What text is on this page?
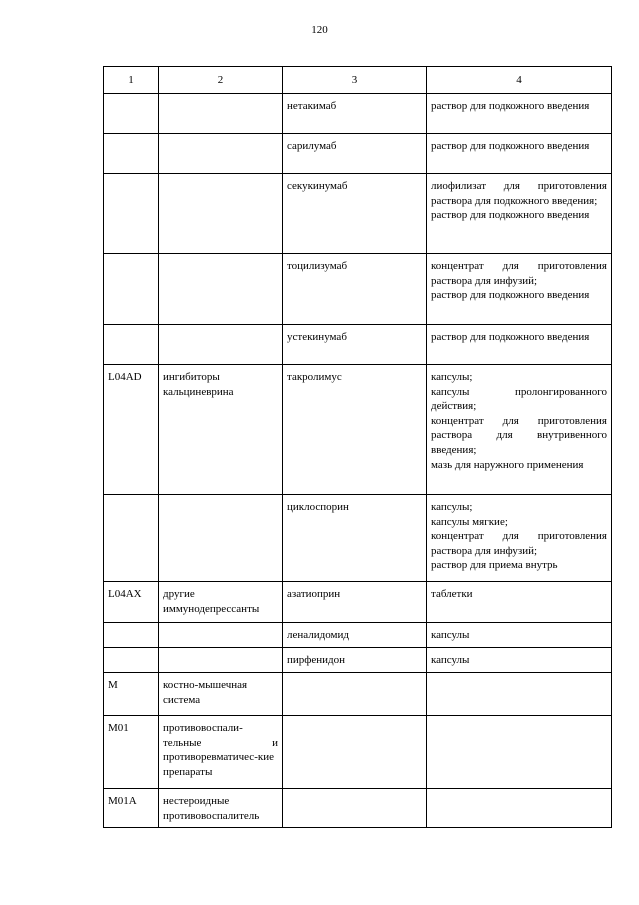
120
1	2	3	4
		нетакимаб	раствор для подкожного введения

		сарилумаб	раствор для подкожного введения

		секукинумаб	лиофилизат для приготовления раствора для подкожного введения;
раствор для подкожного введения

		тоцилизумаб	концентрат для приготовления раствора для инфузий;
раствор для подкожного введения

		устекинумаб	раствор для подкожного введения

L04AD	ингибиторы кальциневрина	такролимус	капсулы;
капсулы пролонгированного действия;
концентрат для приготовления раствора для внутривенного введения;
мазь для наружного применения

		циклоспорин	капсулы;
капсулы мягкие;
концентрат для приготовления раствора для инфузий;
раствор для приема внутрь

L04AX	другие иммунодепрессанты	азатиоприн	таблетки

		леналидомид	капсулы

		пирфенидон	капсулы

M	костно-мышечная система		
M01	противовоспали-тельные и противоревматичес-кие препараты		
M01A	нестероидные противовоспалитель		
